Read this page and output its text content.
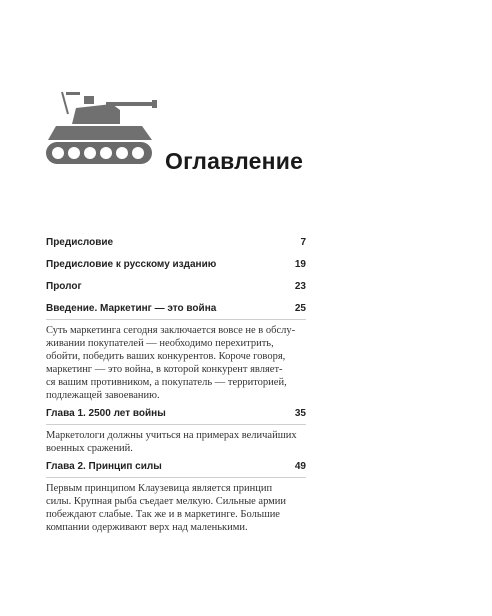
Оглавление
Предисловие	7
Предисловие к русскому изданию	19
Пролог	23
Введение. Маркетинг — это война	25
Суть маркетинга сегодня заключается вовсе не в обслу-
живании покупателей — необходимо перехитрить,
обойти, победить ваших конкурентов. Короче говоря,
маркетинг — это война, в которой конкурент являет-
ся вашим противником, а покупатель — территорией,
подлежащей завоеванию.
Глава 1. 2500 лет войны	35
Маркетологи должны учиться на примерах величайших
военных сражений.
Глава 2. Принцип силы	49
Первым принципом Клаузевица является принцип
силы. Крупная рыба съедает мелкую. Сильные армии
побеждают слабые. Так же и в маркетинге. Большие
компании одерживают верх над маленькими.
